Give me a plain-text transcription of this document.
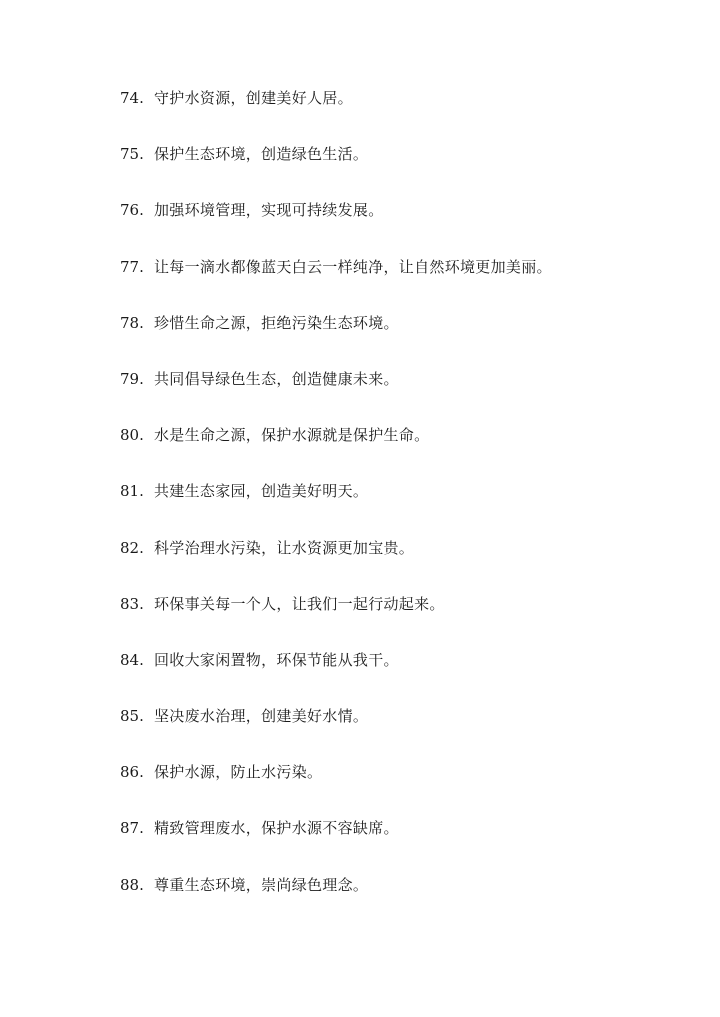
74. 守护水资源，创建美好人居。
75. 保护生态环境，创造绿色生活。
76. 加强环境管理，实现可持续发展。
77. 让每一滴水都像蓝天白云一样纯净，让自然环境更加美丽。
78. 珍惜生命之源，拒绝污染生态环境。
79. 共同倡导绿色生态，创造健康未来。
80. 水是生命之源，保护水源就是保护生命。
81. 共建生态家园，创造美好明天。
82. 科学治理水污染，让水资源更加宝贵。
83. 环保事关每一个人，让我们一起行动起来。
84. 回收大家闲置物，环保节能从我干。
85. 坚决废水治理，创建美好水情。
86. 保护水源，防止水污染。
87. 精致管理废水，保护水源不容缺席。
88. 尊重生态环境，崇尚绿色理念。
